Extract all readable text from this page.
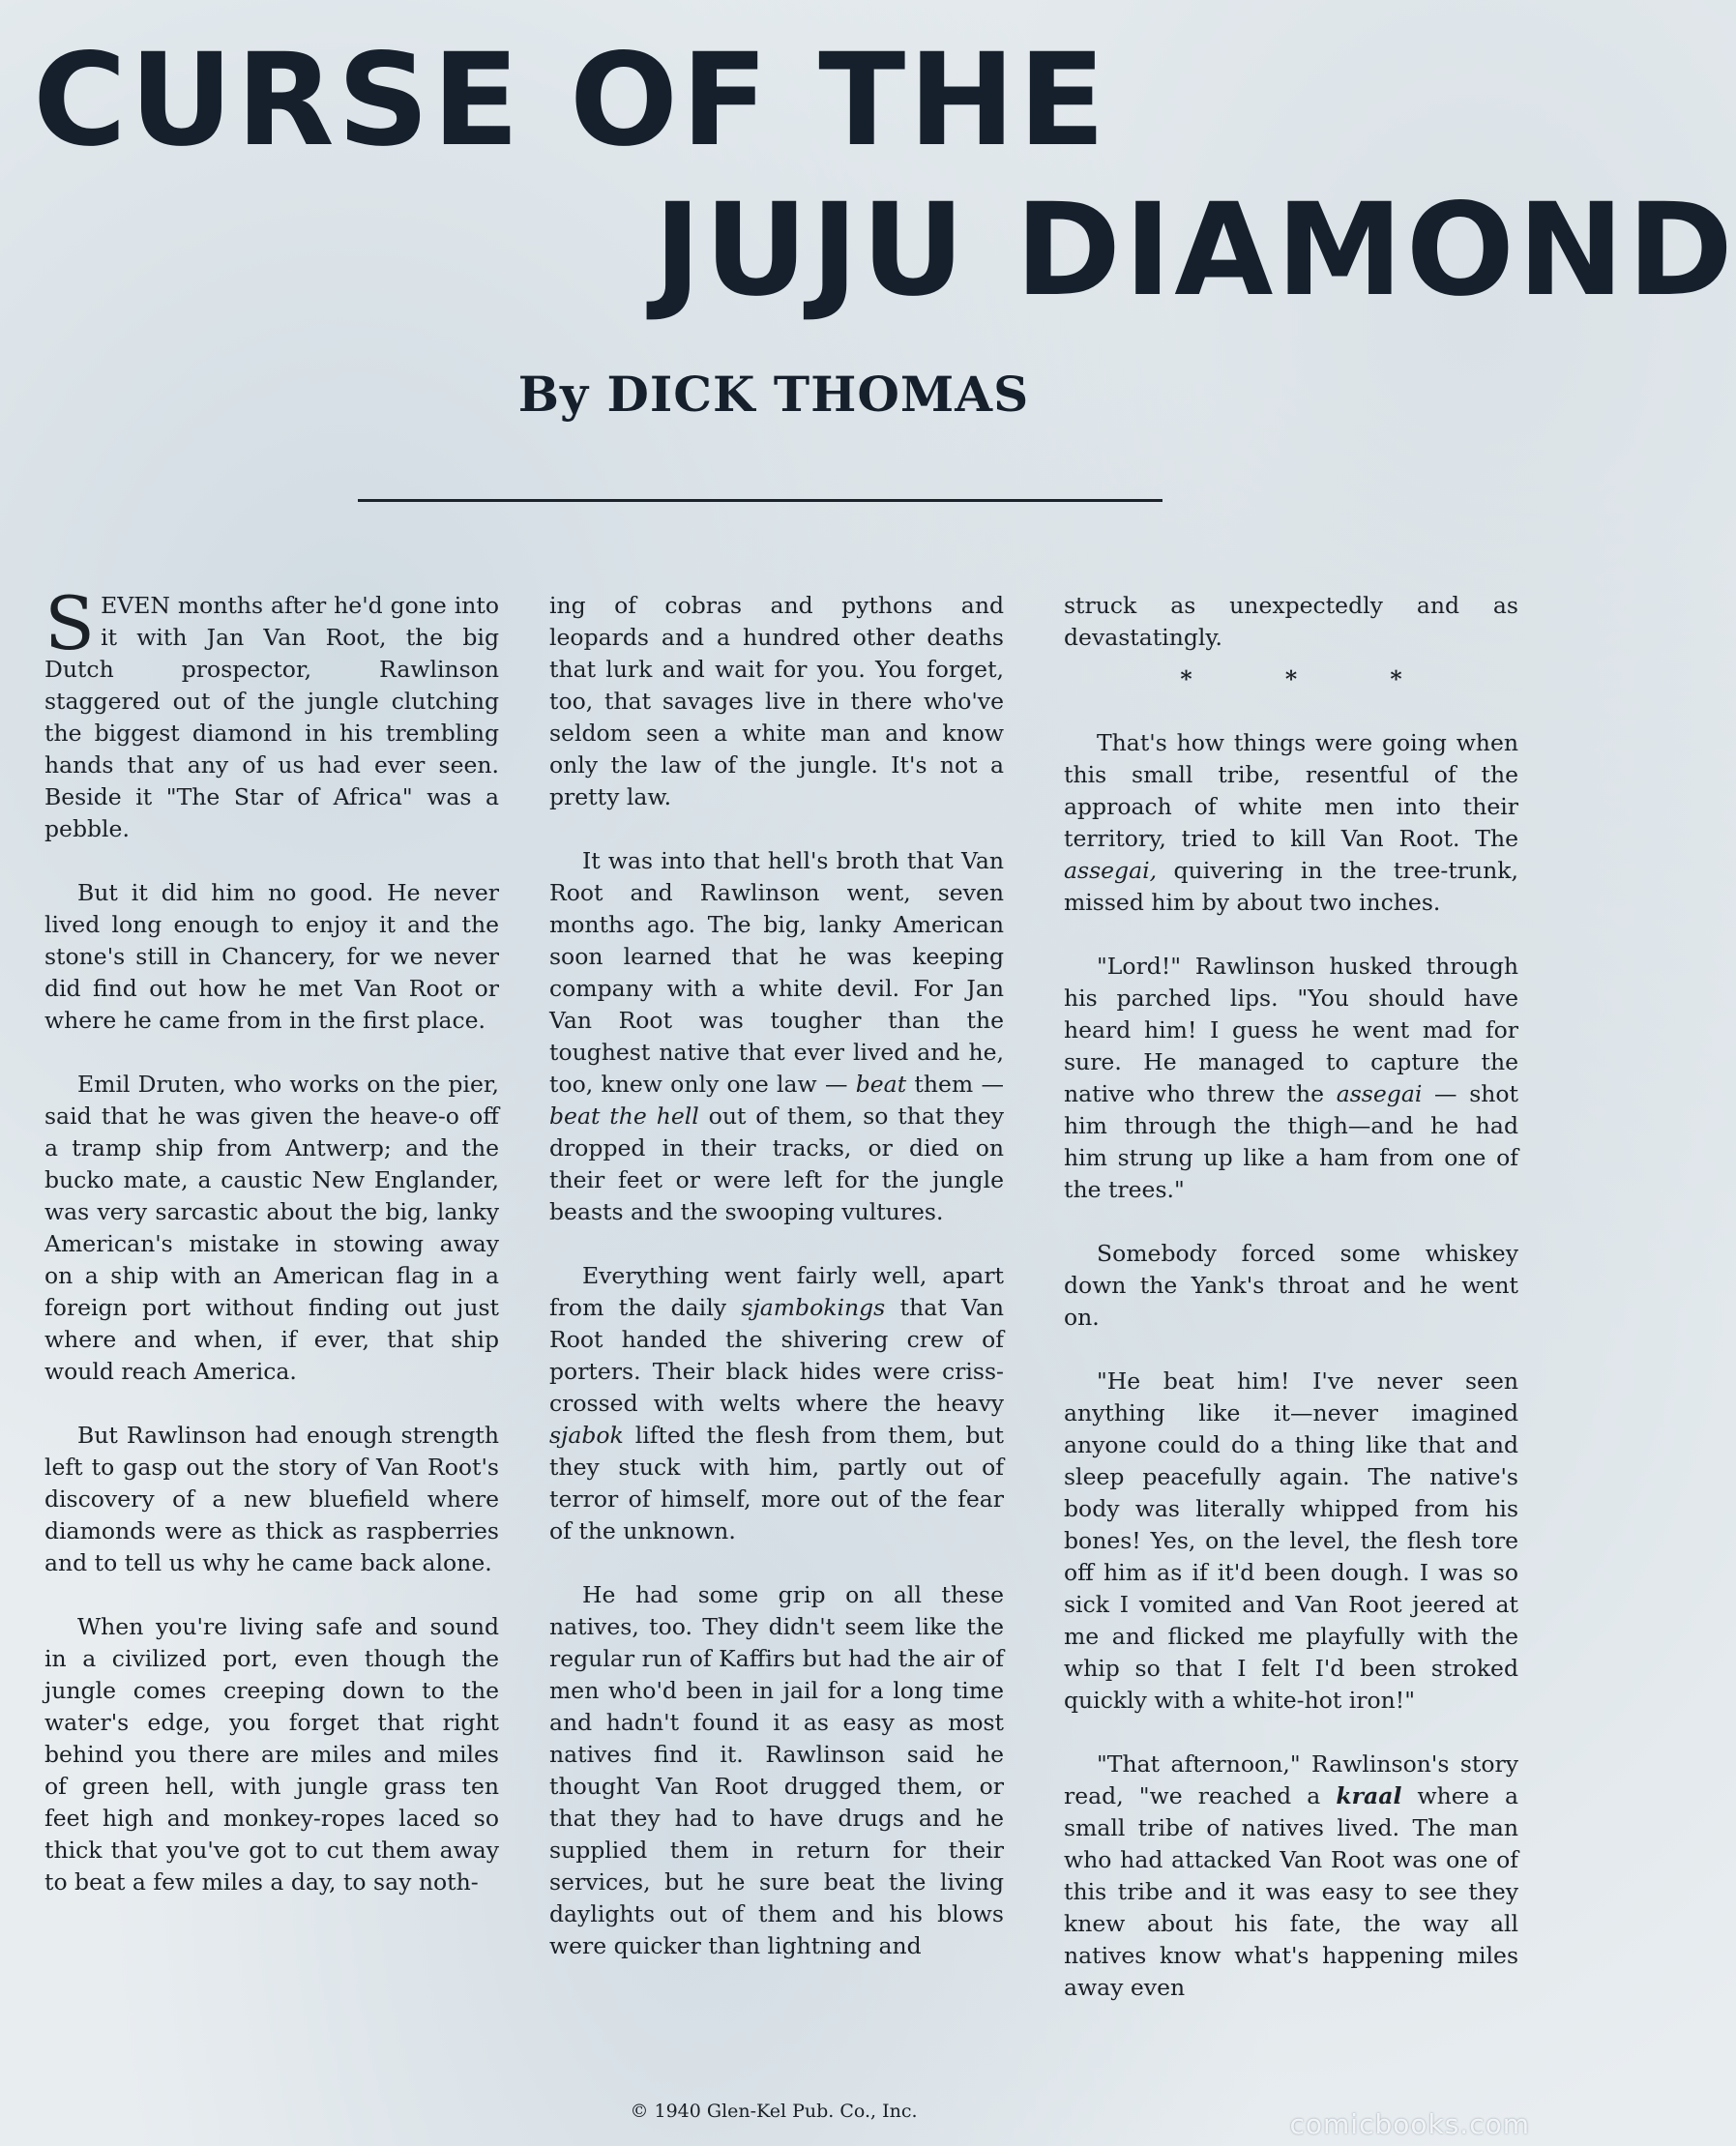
CURSE OF THE
JUJU DIAMOND
By DICK THOMAS

SEVEN months after he'd gone into it with Jan Van Root, the big Dutch prospector, Rawlinson staggered out of the jungle clutching the biggest diamond in his trembling hands that any of us had ever seen. Beside it "The Star of Africa" was a pebble.

But it did him no good. He never lived long enough to enjoy it and the stone's still in Chancery, for we never did find out how he met Van Root or where he came from in the first place.

Emil Druten, who works on the pier, said that he was given the heave-o off a tramp ship from Antwerp; and the bucko mate, a caustic New Englander, was very sarcastic about the big, lanky American's mistake in stowing away on a ship with an American flag in a foreign port without finding out just where and when, if ever, that ship would reach America.

But Rawlinson had enough strength left to gasp out the story of Van Root's discovery of a new bluefield where diamonds were as thick as raspberries and to tell us why he came back alone.

When you're living safe and sound in a civilized port, even though the jungle comes creeping down to the water's edge, you forget that right behind you there are miles and miles of green hell, with jungle grass ten feet high and monkey-ropes laced so thick that you've got to cut them away to beat a few miles a day, to say noth-

ing of cobras and pythons and leopards and a hundred other deaths that lurk and wait for you. You forget, too, that savages live in there who've seldom seen a white man and know only the law of the jungle. It's not a pretty law.

It was into that hell's broth that Van Root and Rawlinson went, seven months ago. The big, lanky American soon learned that he was keeping company with a white devil. For Jan Van Root was tougher than the toughest native that ever lived and he, too, knew only one law — beat them — beat the hell out of them, so that they dropped in their tracks, or died on their feet or were left for the jungle beasts and the swooping vultures.

Everything went fairly well, apart from the daily sjambokings that Van Root handed the shivering crew of porters. Their black hides were criss-crossed with welts where the heavy sjabok lifted the flesh from them, but they stuck with him, partly out of terror of himself, more out of the fear of the unknown.

He had some grip on all these natives, too. They didn't seem like the regular run of Kaffirs but had the air of men who'd been in jail for a long time and hadn't found it as easy as most natives find it. Rawlinson said he thought Van Root drugged them, or that they had to have drugs and he supplied them in return for their services, but he sure beat the living daylights out of them and his blows were quicker than lightning and

struck as unexpectedly and as devastatingly.

* * *

That's how things were going when this small tribe, resentful of the approach of white men into their territory, tried to kill Van Root. The assegai, quivering in the tree-trunk, missed him by about two inches.

"Lord!" Rawlinson husked through his parched lips. "You should have heard him! I guess he went mad for sure. He managed to capture the native who threw the assegai — shot him through the thigh—and he had him strung up like a ham from one of the trees."

Somebody forced some whiskey down the Yank's throat and he went on.

"He beat him! I've never seen anything like it—never imagined anyone could do a thing like that and sleep peacefully again. The native's body was literally whipped from his bones! Yes, on the level, the flesh tore off him as if it'd been dough. I was so sick I vomited and Van Root jeered at me and flicked me playfully with the whip so that I felt I'd been stroked quickly with a white-hot iron!"

"That afternoon," Rawlinson's story read, "we reached a kraal where a small tribe of natives lived. The man who had attacked Van Root was one of this tribe and it was easy to see they knew about his fate, the way all natives know what's happening miles away even

© 1940 Glen-Kel Pub. Co., Inc.	comicbooks.com
